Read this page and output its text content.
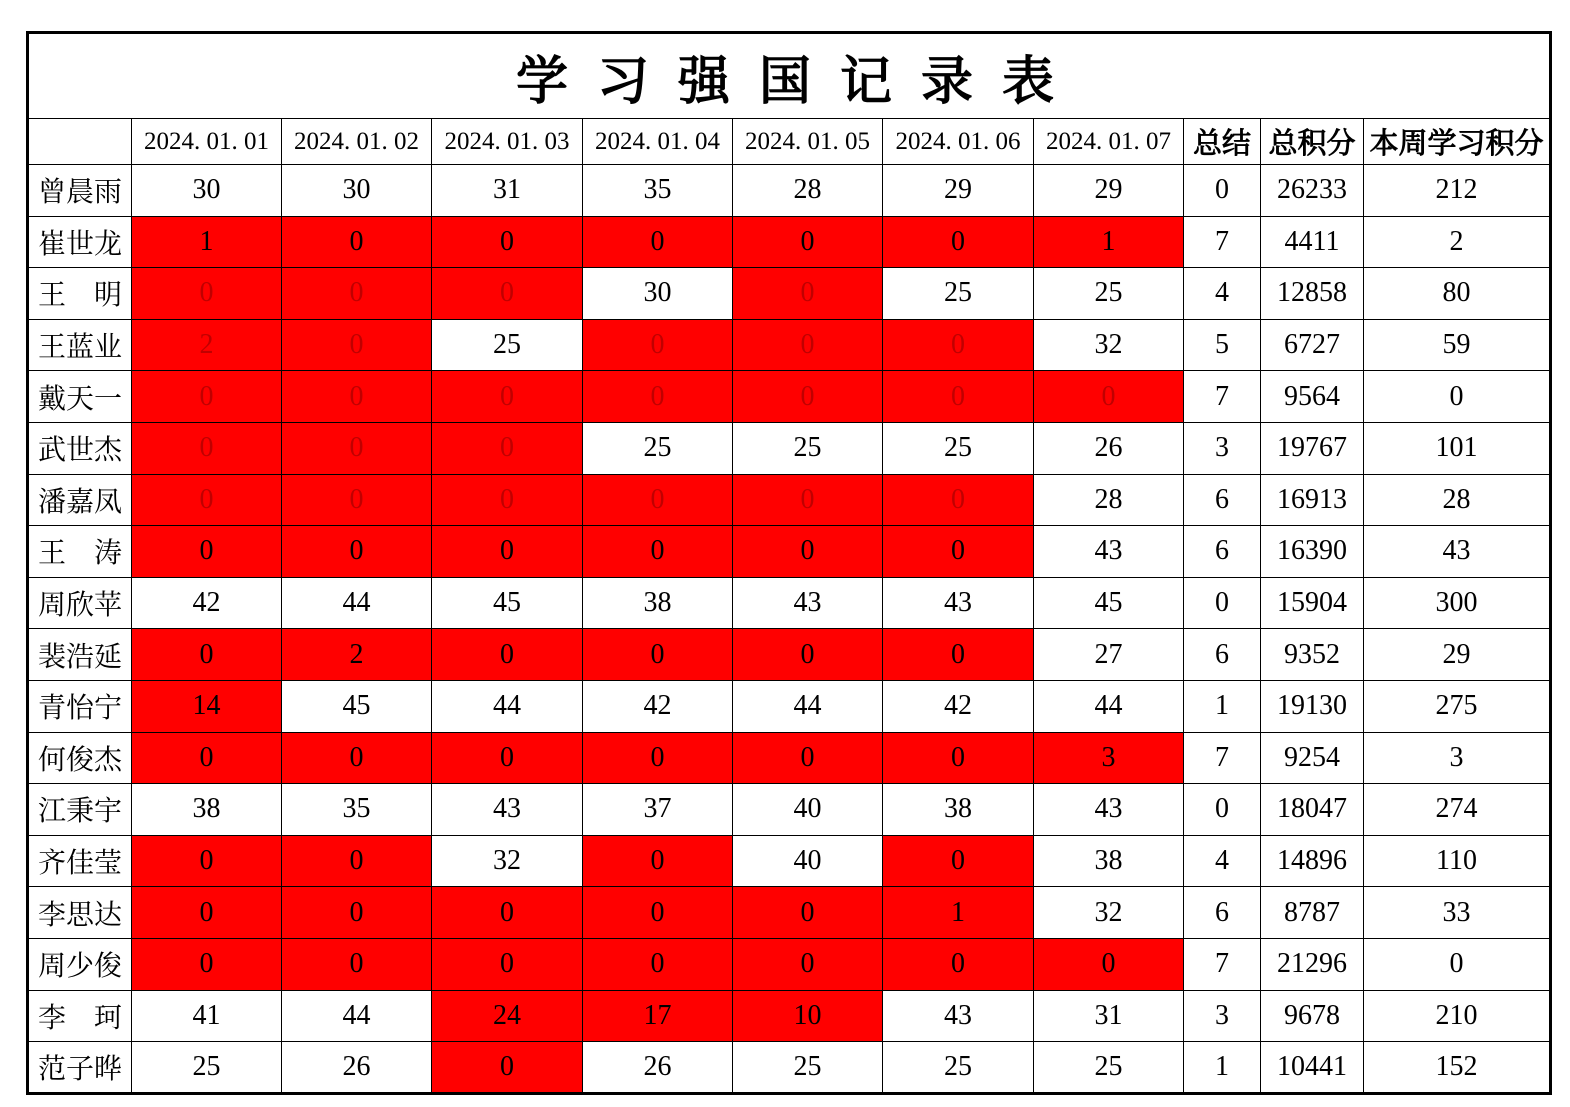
学 习 强 国 记 录 表										
	2024. 01. 01	2024. 01. 02	2024. 01. 03	2024. 01. 04	2024. 01. 05	2024. 01. 06	2024. 01. 07	总结	总积分	本周学习积分
曾晨雨	30	30	31	35	28	29	29	0	26233	212
崔世龙	1	0	0	0	0	0	1	7	4411	2
王　明	0	0	0	30	0	25	25	4	12858	80
王蓝业	2	0	25	0	0	0	32	5	6727	59
戴天一	0	0	0	0	0	0	0	7	9564	0
武世杰	0	0	0	25	25	25	26	3	19767	101
潘嘉凤	0	0	0	0	0	0	28	6	16913	28
王　涛	0	0	0	0	0	0	43	6	16390	43
周欣苹	42	44	45	38	43	43	45	0	15904	300
裴浩延	0	2	0	0	0	0	27	6	9352	29
青怡宁	14	45	44	42	44	42	44	1	19130	275
何俊杰	0	0	0	0	0	0	3	7	9254	3
江秉宇	38	35	43	37	40	38	43	0	18047	274
齐佳莹	0	0	32	0	40	0	38	4	14896	110
李思达	0	0	0	0	0	1	32	6	8787	33
周少俊	0	0	0	0	0	0	0	7	21296	0
李　珂	41	44	24	17	10	43	31	3	9678	210
范子晔	25	26	0	26	25	25	25	1	10441	152
